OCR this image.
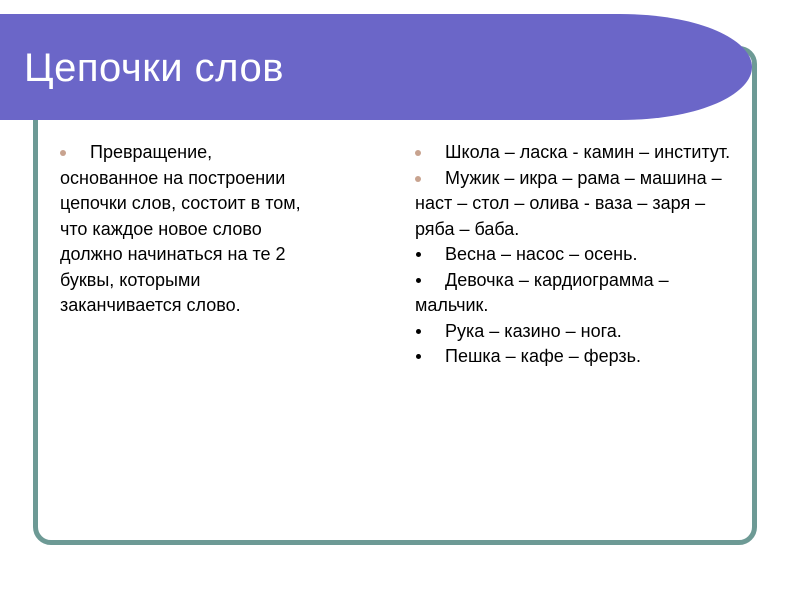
Цепочки слов
Превращение, основанное на построении цепочки слов, состоит в том, что каждое новое слово должно начинаться на те 2 буквы, которыми заканчивается слово.
Школа – ласка - камин – институт.
Мужик – икра – рама – машина – наст – стол – олива - ваза – заря – ряба – баба.
Весна – насос – осень.
Девочка – кардиограмма – мальчик.
Рука – казино – нога.
Пешка – кафе – ферзь.
